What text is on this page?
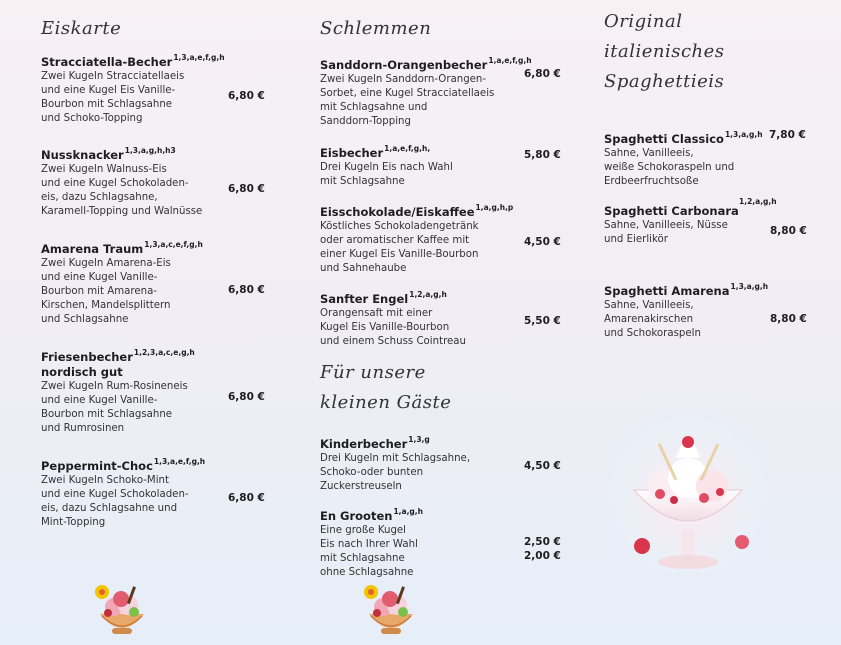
Eiskarte
Stracciatella-Becher$^{1,3,a,e,f,g,h}$
Zwei Kugeln Stracciatellaeis
und eine Kugel Eis Vanille-
Bourbon mit Schlagsahne
und Schoko-Topping
6,80 €
Nussknacker$^{1,3,a,g,h,h3}$
Zwei Kugeln Walnuss-Eis
und eine Kugel Schokoladen-
eis, dazu Schlagsahne,
Karamell-Topping und Walnüsse
6,80 €
Amarena Traum$^{1,3,a,c,e,f,g,h}$
Zwei Kugeln Amarena-Eis
und eine Kugel Vanille-
Bourbon mit Amarena-
Kirschen, Mandelsplittern
und Schlagsahne
6,80 €
Friesenbecher$^{1,2,3,a,c,e,g,h}$
nordisch gut
Zwei Kugeln Rum-Rosineneis
und eine Kugel Vanille-
Bourbon mit Schlagsahne
und Rumrosinen
6,80 €
Peppermint-Choc$^{1,3,a,e,f,g,h}$
Zwei Kugeln Schoko-Mint
und eine Kugel Schokoladen-
eis, dazu Schlagsahne und
Mint-Topping
6,80 €
Schlemmen
Sanddorn-Orangenbecher$^{1,a,e,f,g,h}$
Zwei Kugeln Sanddorn-Orangen-
Sorbet, eine Kugel Stracciatellaeis
mit Schlagsahne und
Sanddorn-Topping
6,80 €
Eisbecher$^{1,a,e,f,g,h,}$
Drei Kugeln Eis nach Wahl
mit Schlagsahne
5,80 €
Eisschokolade/Eiskaffee$^{1,a,g,h,p}$
Köstliches Schokoladengetränk
oder aromatischer Kaffee mit
einer Kugel Eis Vanille-Bourbon
und Sahnehaube
4,50 €
Sanfter Engel$^{1,2,a,g,h}$
Orangensaft mit einer
Kugel Eis Vanille-Bourbon
und einem Schuss Cointreau
5,50 €
Für unsere
kleinen Gäste
Kinderbecher$^{1,3,g}$
Drei Kugeln mit Schlagsahne,
Schoko-oder bunten
Zuckerstreuseln
4,50 €
En Grooten$^{1,a,g,h}$
Eine große Kugel
Eis nach Ihrer Wahl
mit Schlagsahne
ohne Schlagsahne
2,50 €
2,00 €
Original
italienisches
Spaghettieis
Spaghetti Classico$^{1,3,a,g,h}$
Sahne, Vanilleeis,
weiße Schokoraspeln und
Erdbeerfruchtsoße
7,80 €
Spaghetti Carbonara
Sahne, Vanilleeis, Nüsse
und Eierlikör
1,2,a,g,h
8,80 €
Spaghetti Amarena$^{1,3,a,g,h}$
Sahne, Vanilleeis,
Amarenakirschen
und Schokoraspeln
8,80 €
